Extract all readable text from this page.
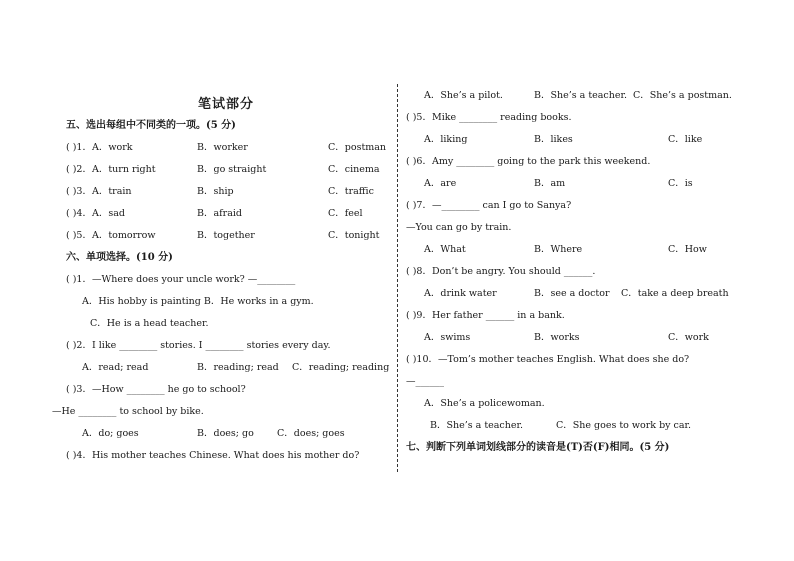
笔试部分
五、选出每组中不同类的一项。(5 分)
( )1．A．work	B．worker	C．postman
( )2．A．turn right	B．go straight	C．cinema
( )3．A．train	B．ship	C．traffic
( )4．A．sad	B．afraid	C．feel
( )5．A．tomorrow	B．together	C．tonight
六、单项选择。(10 分)
( )1．—Where does your uncle work? —________
A．His hobby is painting B．He works in a gym.
C．He is a head teacher.
( )2．I like ________ stories. I ________ stories every day.
A．read; read	B．reading; read C．reading; reading
( )3．—How ________ he go to school?
—He ________ to school by bike.
A．do; goes	B．does; go C．does; goes
( )4．His mother teaches Chinese. What does his mother do?
A．She’s a pilot.	B．She’s a teacher. C．She’s a postman.
( )5．Mike ________ reading books.
A．liking	B．likes	C．like
( )6．Amy ________ going to the park this weekend.
A．are	B．am	C．is
( )7．—________ can I go to Sanya?
—You can go by train.
A．What	B．Where	C．How
( )8．Don’t be angry. You should ______.
A．drink water	B．see a doctor C．take a deep breath
( )9．Her father ______ in a bank.
A．swims	B．works	C．work
( )10．—Tom’s mother teaches English. What does she do?
—______
A．She’s a policewoman.
B．She’s a teacher.	C．She goes to work by car.
七、判断下列单词划线部分的读音是(T)否(F)相同。(5 分)
